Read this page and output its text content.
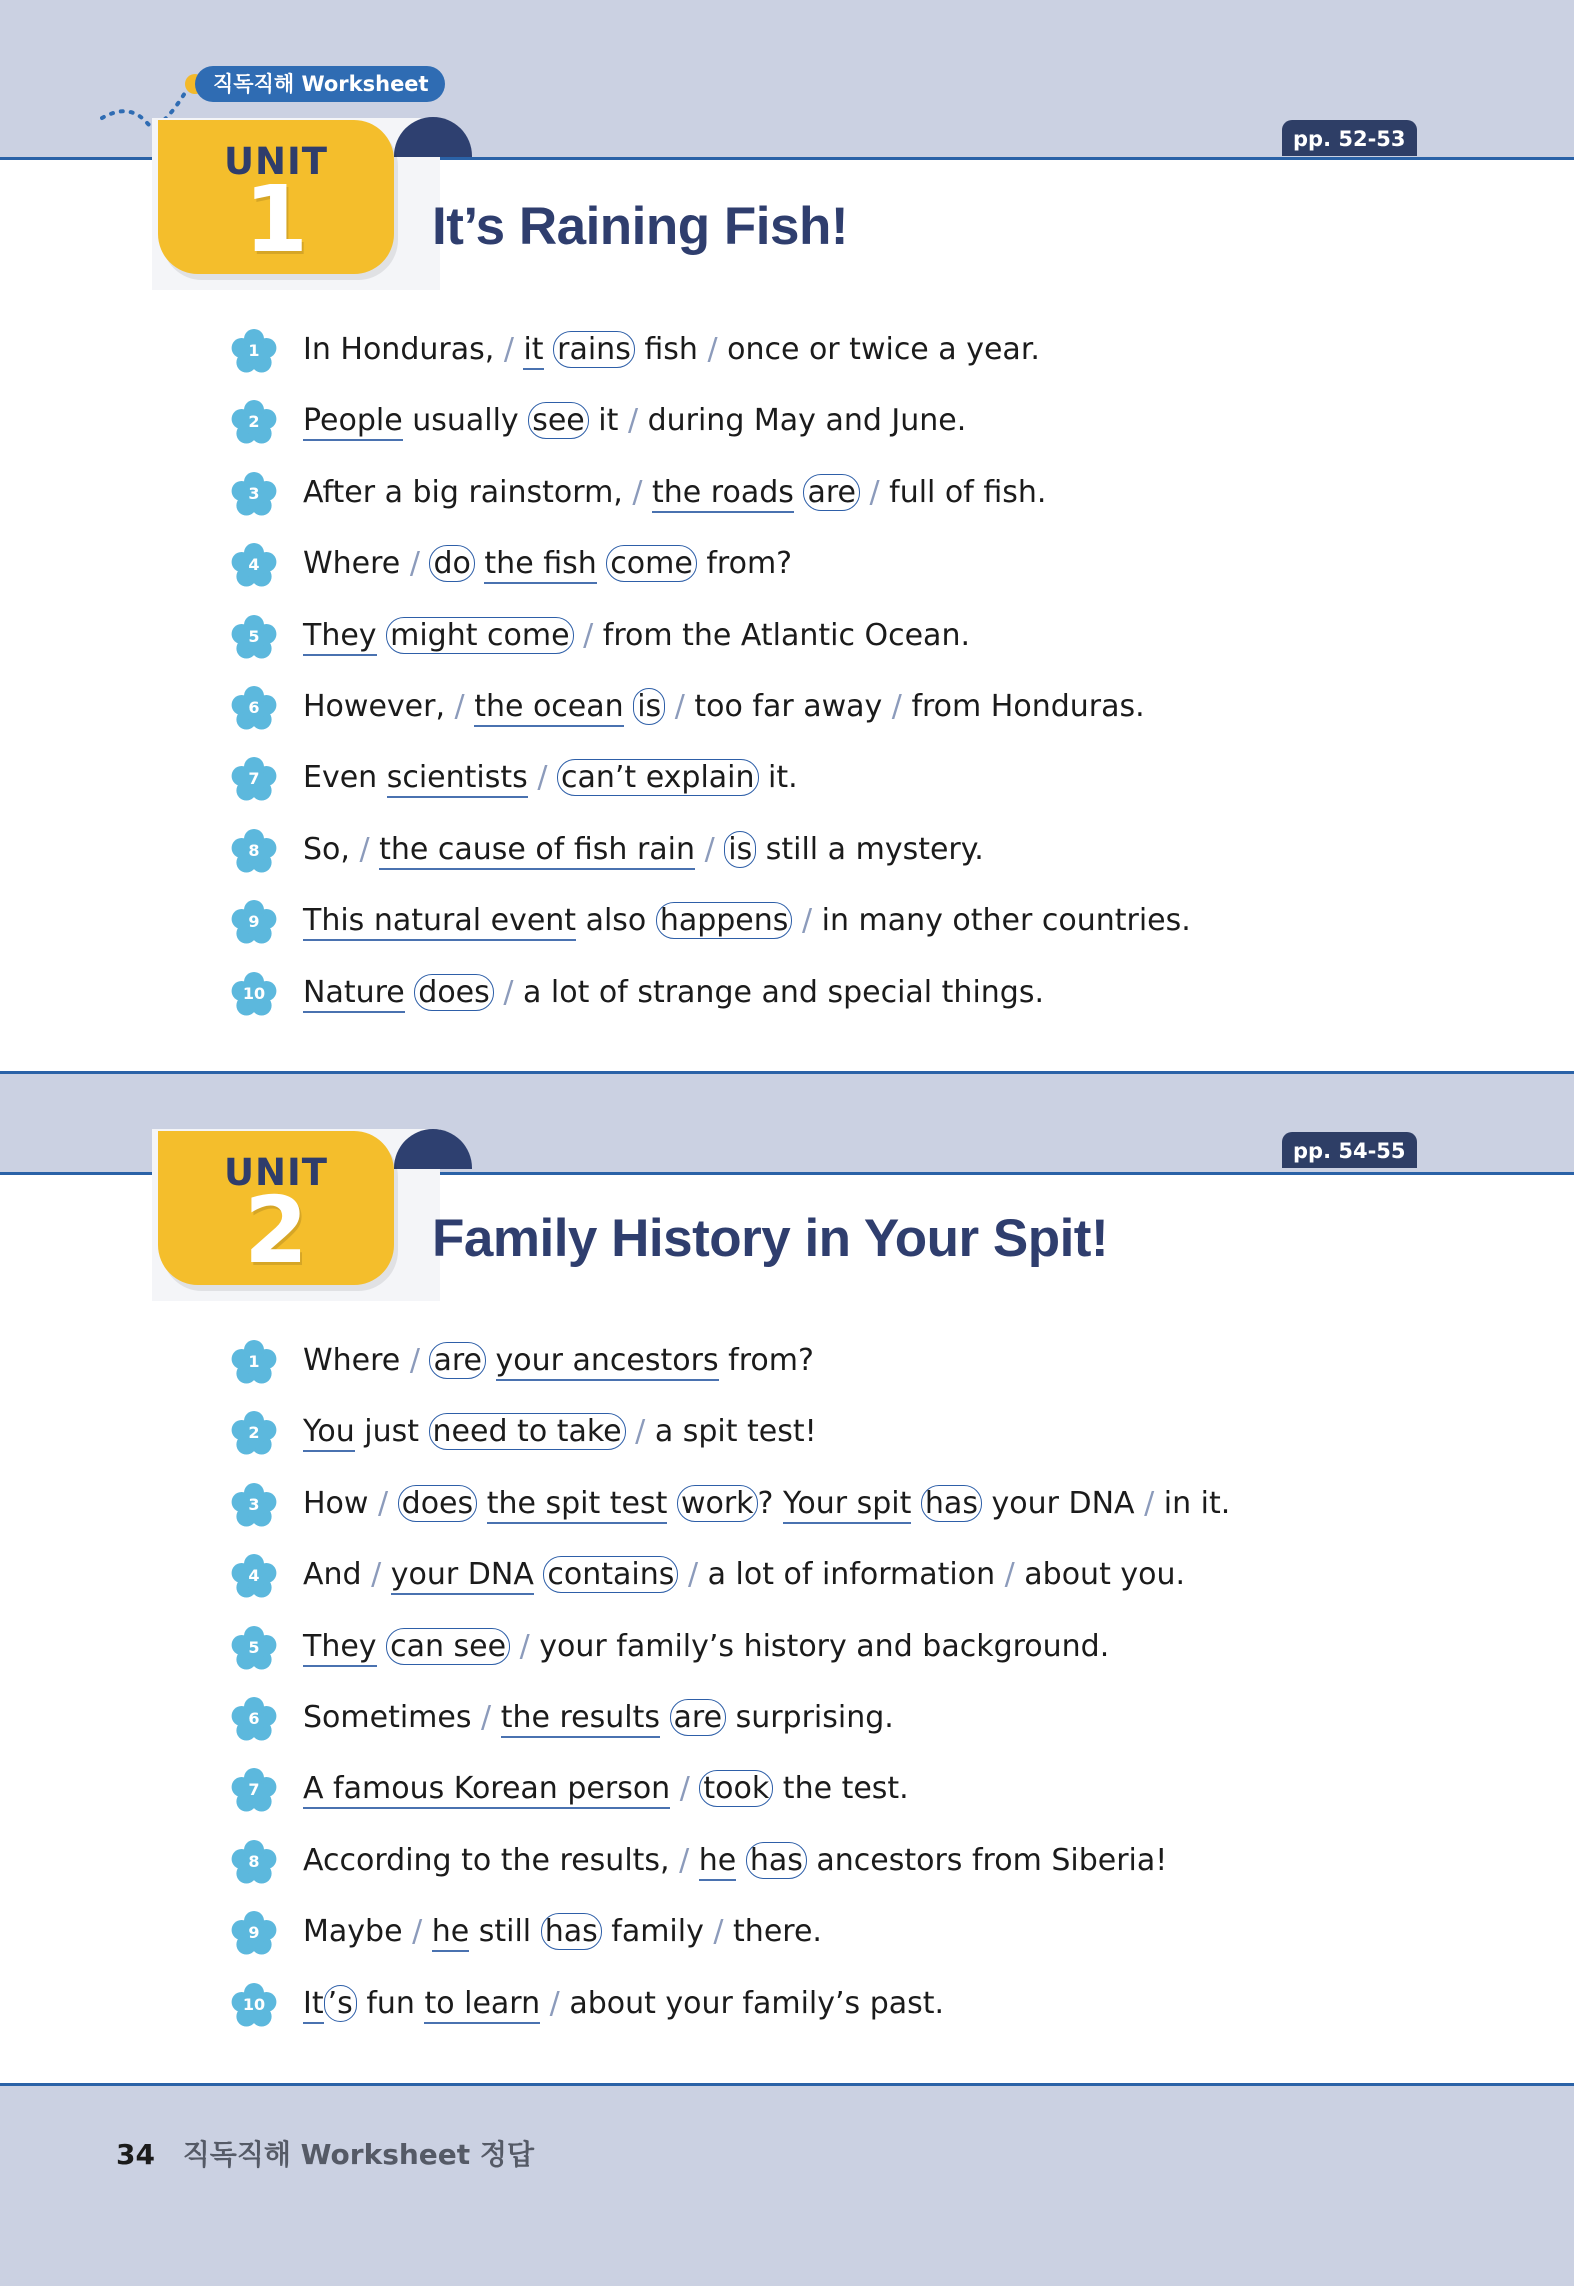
직독직해 Worksheet
UNIT
1
pp. 52-53
It’s Raining Fish!
1	In Honduras, / it rains fish / once or twice a year.
2	People usually see it / during May and June.
3	After a big rainstorm, / the roads are / full of fish.
4	Where / do the fish come from?
5	They might come / from the Atlantic Ocean.
6	However, / the ocean is / too far away / from Honduras.
7	Even scientists / can’t explain it.
8	So, / the cause of fish rain / is still a mystery.
9	This natural event also happens / in many other countries.
10	Nature does / a lot of strange and special things.
UNIT
2
pp. 54-55
Family History in Your Spit!
1	Where / are your ancestors from?
2	You just need to take / a spit test!
3	How / does the spit test work ? Your spit has your DNA / in it.
4	And / your DNA contains / a lot of information / about you.
5	They can see / your family’s history and background.
6	Sometimes / the results are surprising.
7	A famous Korean person / took the test.
8	According to the results, / he has ancestors from Siberia!
9	Maybe / he still has family / there.
10	It ’s fun to learn / about your family’s past.
34 직독직해 Worksheet 정답
